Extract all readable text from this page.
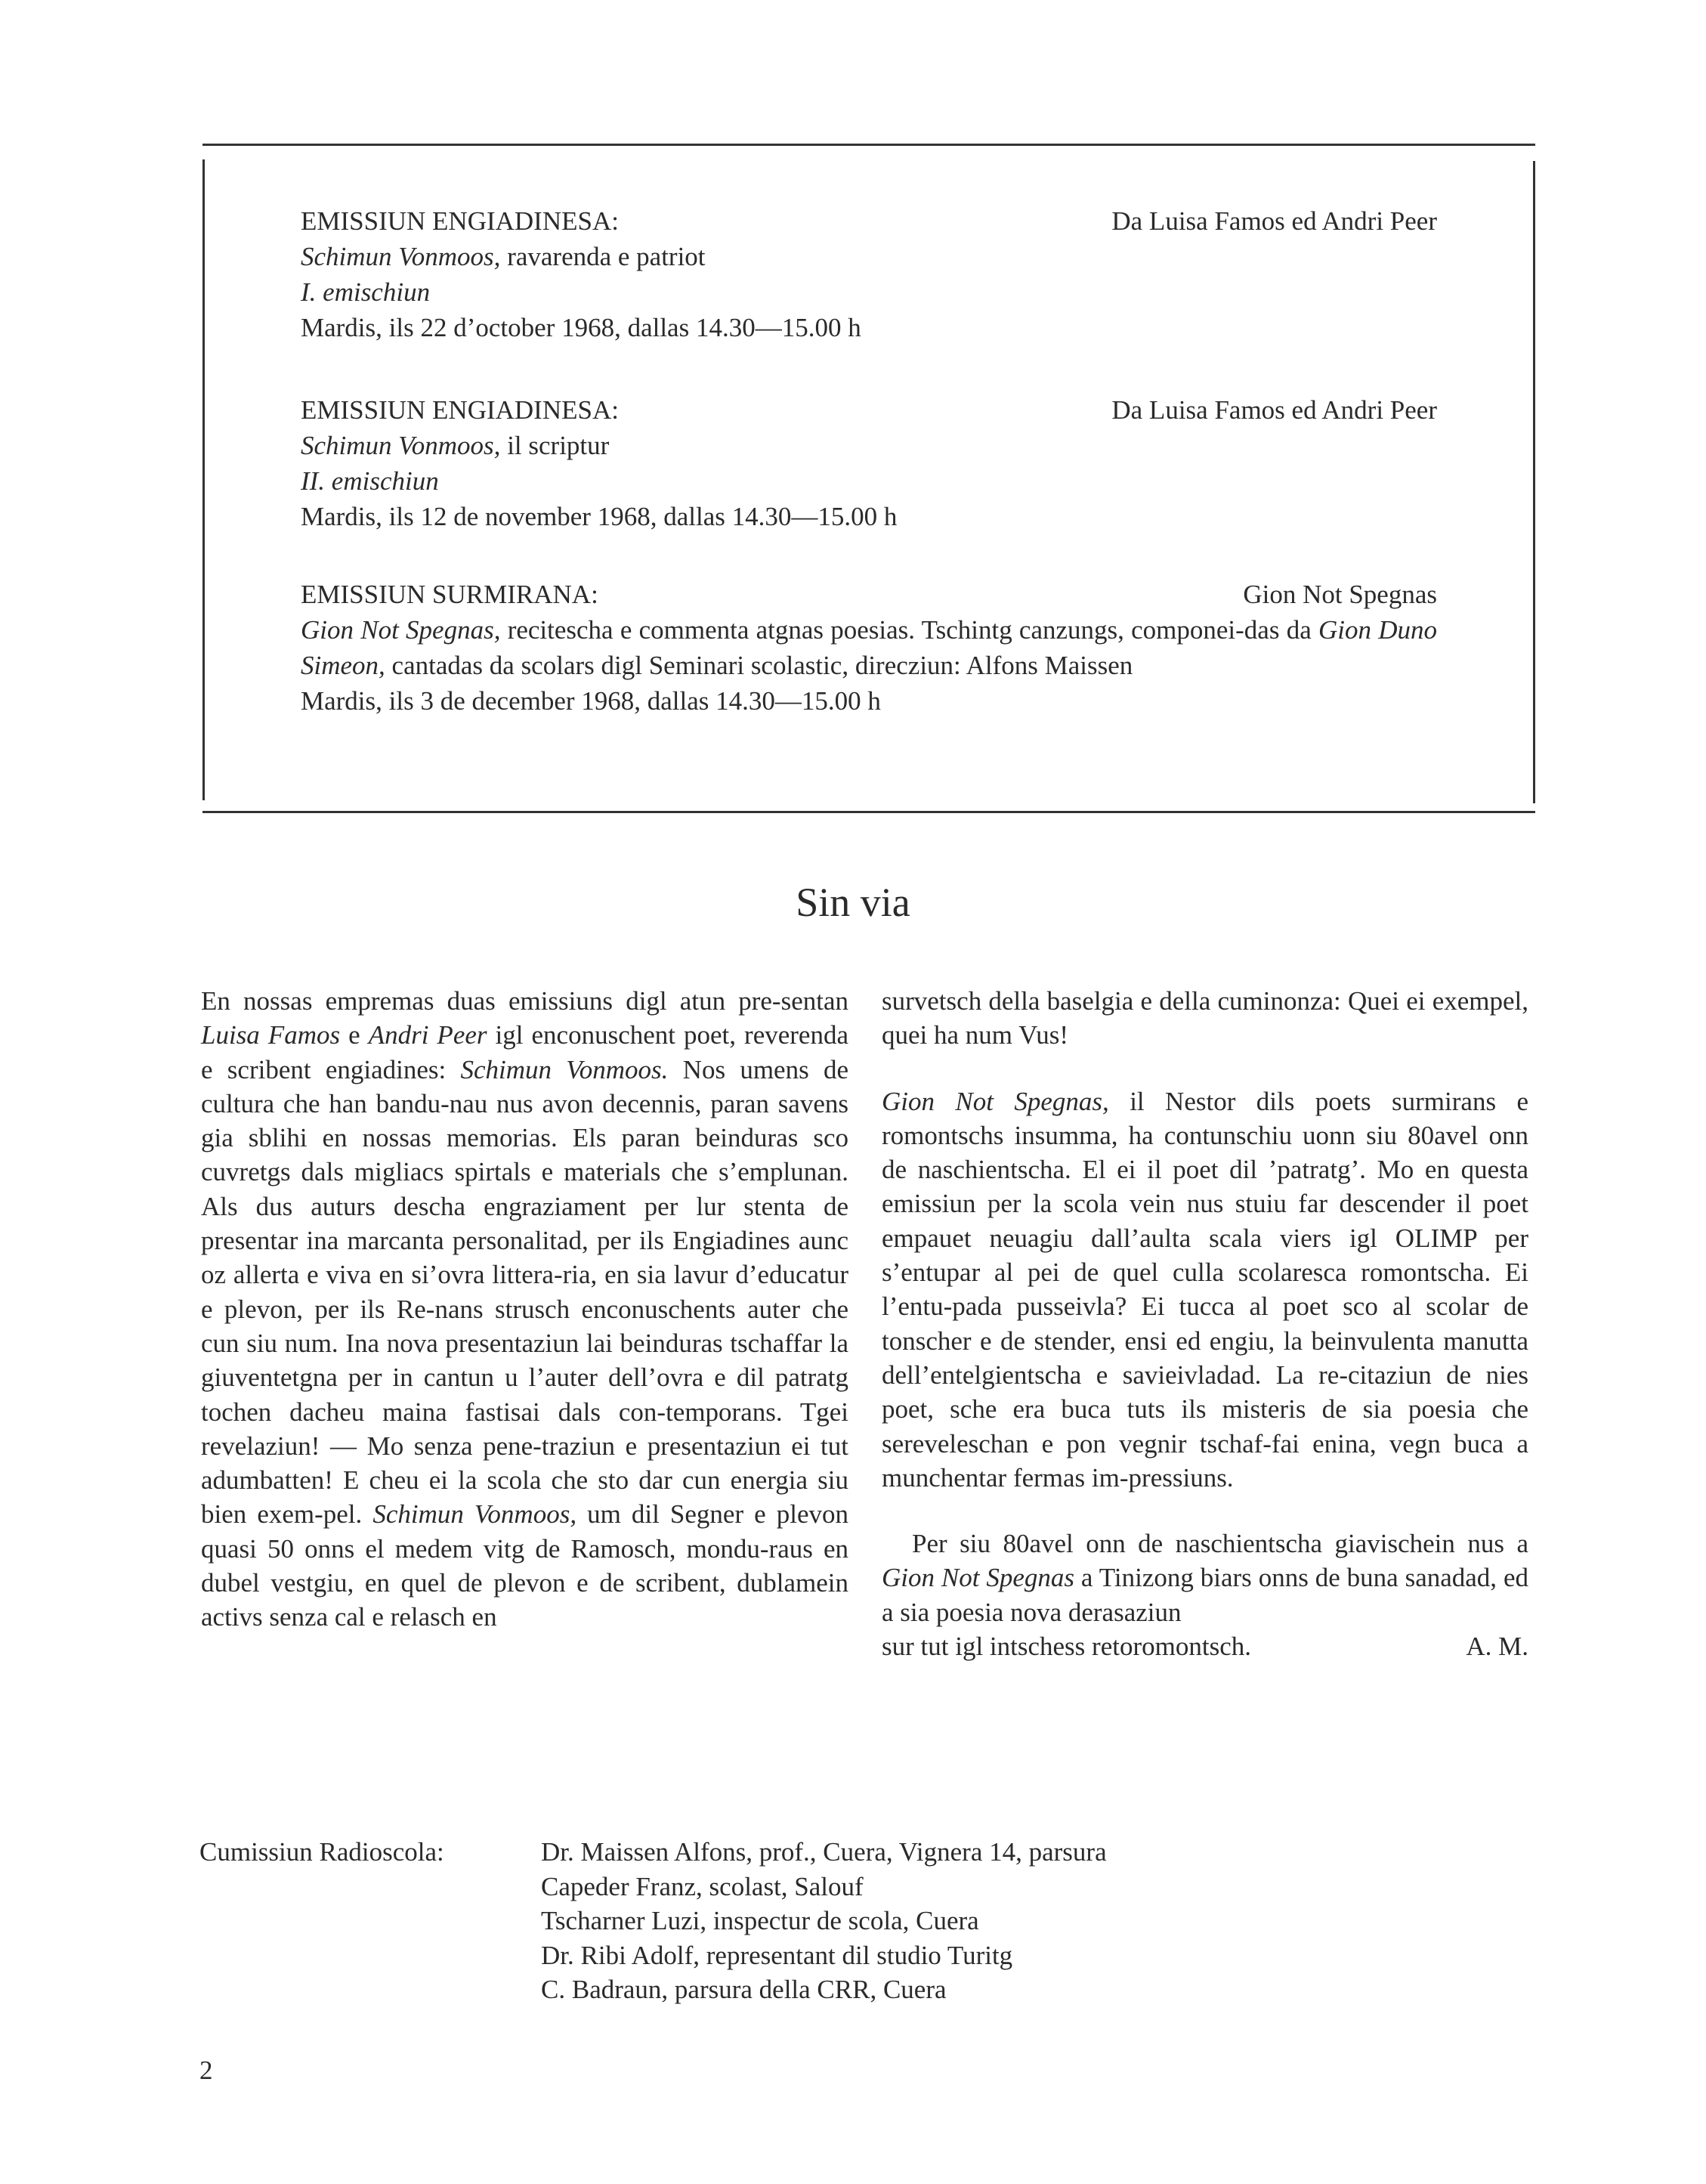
EMISSIUN ENGIADINESA:	Da Luisa Famos ed Andri Peer
Schimun Vonmoos, ravarenda e patriot
I. emischiun
Mardis, ils 22 d’october 1968, dallas 14.30—15.00 h
EMISSIUN ENGIADINESA:	Da Luisa Famos ed Andri Peer
Schimun Vonmoos, il scriptur
II. emischiun
Mardis, ils 12 de november 1968, dallas 14.30—15.00 h
EMISSIUN SURMIRANA:	Gion Not Spegnas
Gion Not Spegnas, recitescha e commenta atgnas poesias. Tschintg canzungs, componei-das da Gion Duno Simeon, cantadas da scolars digl Seminari scolastic, direcziun: Alfons Maissen
Mardis, ils 3 de december 1968, dallas 14.30—15.00 h
Sin via

En nossas empremas duas emissiuns digl atun pre-sentan Luisa Famos e Andri Peer igl enconuschent poet, reverenda e scribent engiadines: Schimun Vonmoos. Nos umens de cultura che han bandu-nau nus avon decennis, paran savens gia sblihi en nossas memorias. Els paran beinduras sco cuvretgs dals migliacs spirtals e materials che s’emplunan. Als dus auturs descha engraziament per lur stenta de presentar ina marcanta personalitad, per ils Engiadines aunc oz allerta e viva en si’ovra littera-ria, en sia lavur d’educatur e plevon, per ils Re-nans strusch enconuschents auter che cun siu num. Ina nova presentaziun lai beinduras tschaffar la giuventetgna per in cantun u l’auter dell’ovra e dil patratg tochen dacheu maina fastisai dals con-temporans. Tgei revelaziun! — Mo senza pene-traziun e presentaziun ei tut adumbatten! E cheu ei la scola che sto dar cun energia siu bien exem-pel. Schimun Vonmoos, um dil Segner e plevon quasi 50 onns el medem vitg de Ramosch, mondu-raus en dubel vestgiu, en quel de plevon e de scribent, dublamein activs senza cal e relasch en

survetsch della baselgia e della cuminonza: Quei ei exempel, quei ha num Vus!

Gion Not Spegnas, il Nestor dils poets surmirans e romontschs insumma, ha contunschiu uonn siu 80avel onn de naschientscha. El ei il poet dil ’patratg’. Mo en questa emissiun per la scola vein nus stuiu far descender il poet empauet neuagiu dall’aulta scala viers igl OLIMP per s’entupar al pei de quel culla scolaresca romontscha. Ei l’entu-pada pusseivla? Ei tucca al poet sco al scolar de tonscher e de stender, ensi ed engiu, la beinvulenta manutta dell’entelgientscha e savieivladad. La re-citaziun de nies poet, sche era buca tuts ils misteris de sia poesia che sereveleschan e pon vegnir tschaf-fai enina, vegn buca a munchentar fermas im-pressiuns.

Per siu 80avel onn de naschientscha giavischein nus a Gion Not Spegnas a Tinizong biars onns de buna sanadad, ed a sia poesia nova derasaziun

sur tut igl intschess retoromontsch.	A. M.
Cumissiun Radioscola:	Dr. Maissen Alfons, prof., Cuera, Vignera 14, parsura
Capeder Franz, scolast, Salouf
Tscharner Luzi, inspectur de scola, Cuera
Dr. Ribi Adolf, representant dil studio Turitg
C. Badraun, parsura della CRR, Cuera
2
